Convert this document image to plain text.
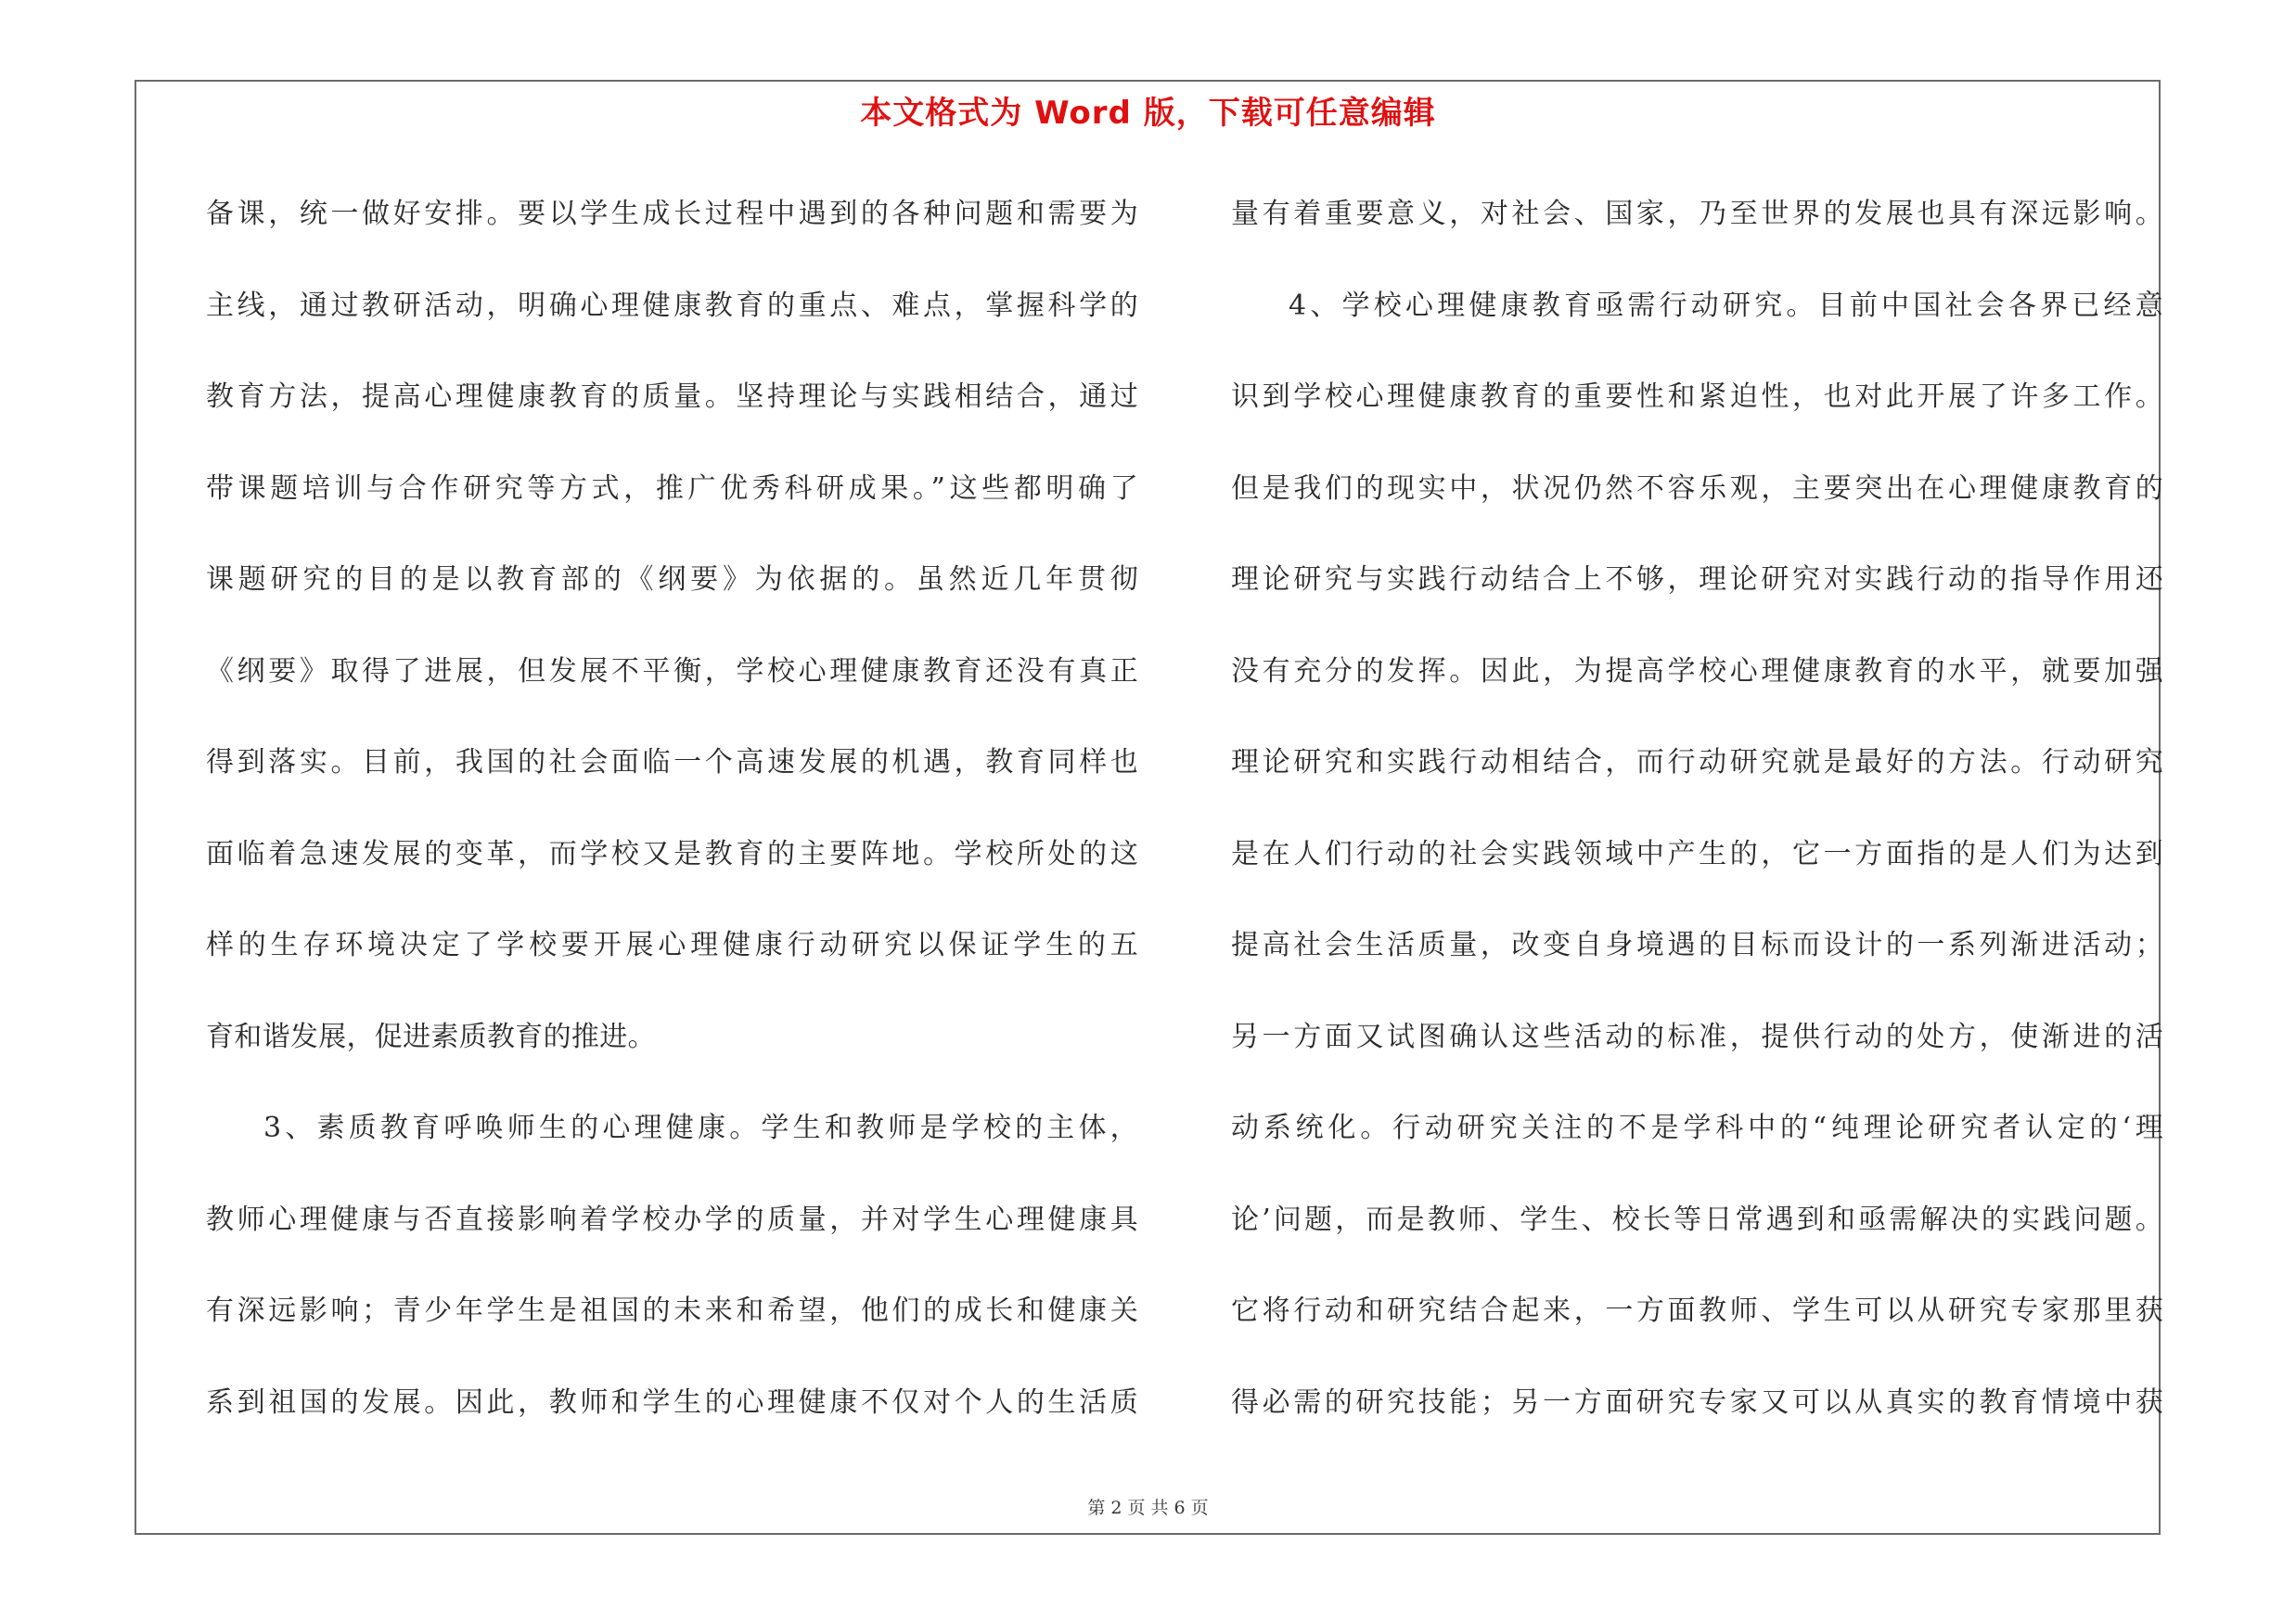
本文格式为 Word 版，下载可任意编辑
备课，统一做好安排。要以学生成长过程中遇到的各种问题和需要为
主线，通过教研活动，明确心理健康教育的重点、难点，掌握科学的
教育方法，提高心理健康教育的质量。坚持理论与实践相结合，通过
带课题培训与合作研究等方式，推广优秀科研成果。”这些都明确了
课题研究的目的是以教育部的《纲要》为依据的。虽然近几年贯彻
《纲要》取得了进展，但发展不平衡，学校心理健康教育还没有真正
得到落实。目前，我国的社会面临一个高速发展的机遇，教育同样也
面临着急速发展的变革，而学校又是教育的主要阵地。学校所处的这
样的生存环境决定了学校要开展心理健康行动研究以保证学生的五
育和谐发展，促进素质教育的推进。
3、素质教育呼唤师生的心理健康。学生和教师是学校的主体，
教师心理健康与否直接影响着学校办学的质量，并对学生心理健康具
有深远影响；青少年学生是祖国的未来和希望，他们的成长和健康关
系到祖国的发展。因此，教师和学生的心理健康不仅对个人的生活质
量有着重要意义，对社会、国家，乃至世界的发展也具有深远影响。
4、学校心理健康教育亟需行动研究。目前中国社会各界已经意
识到学校心理健康教育的重要性和紧迫性，也对此开展了许多工作。
但是我们的现实中，状况仍然不容乐观，主要突出在心理健康教育的
理论研究与实践行动结合上不够，理论研究对实践行动的指导作用还
没有充分的发挥。因此，为提高学校心理健康教育的水平，就要加强
理论研究和实践行动相结合，而行动研究就是最好的方法。行动研究
是在人们行动的社会实践领域中产生的，它一方面指的是人们为达到
提高社会生活质量，改变自身境遇的目标而设计的一系列渐进活动；
另一方面又试图确认这些活动的标准，提供行动的处方，使渐进的活
动系统化。行动研究关注的不是学科中的“纯理论研究者认定的‘理
论’问题，而是教师、学生、校长等日常遇到和亟需解决的实践问题。
它将行动和研究结合起来，一方面教师、学生可以从研究专家那里获
得必需的研究技能；另一方面研究专家又可以从真实的教育情境中获
第 2 页 共 6 页
